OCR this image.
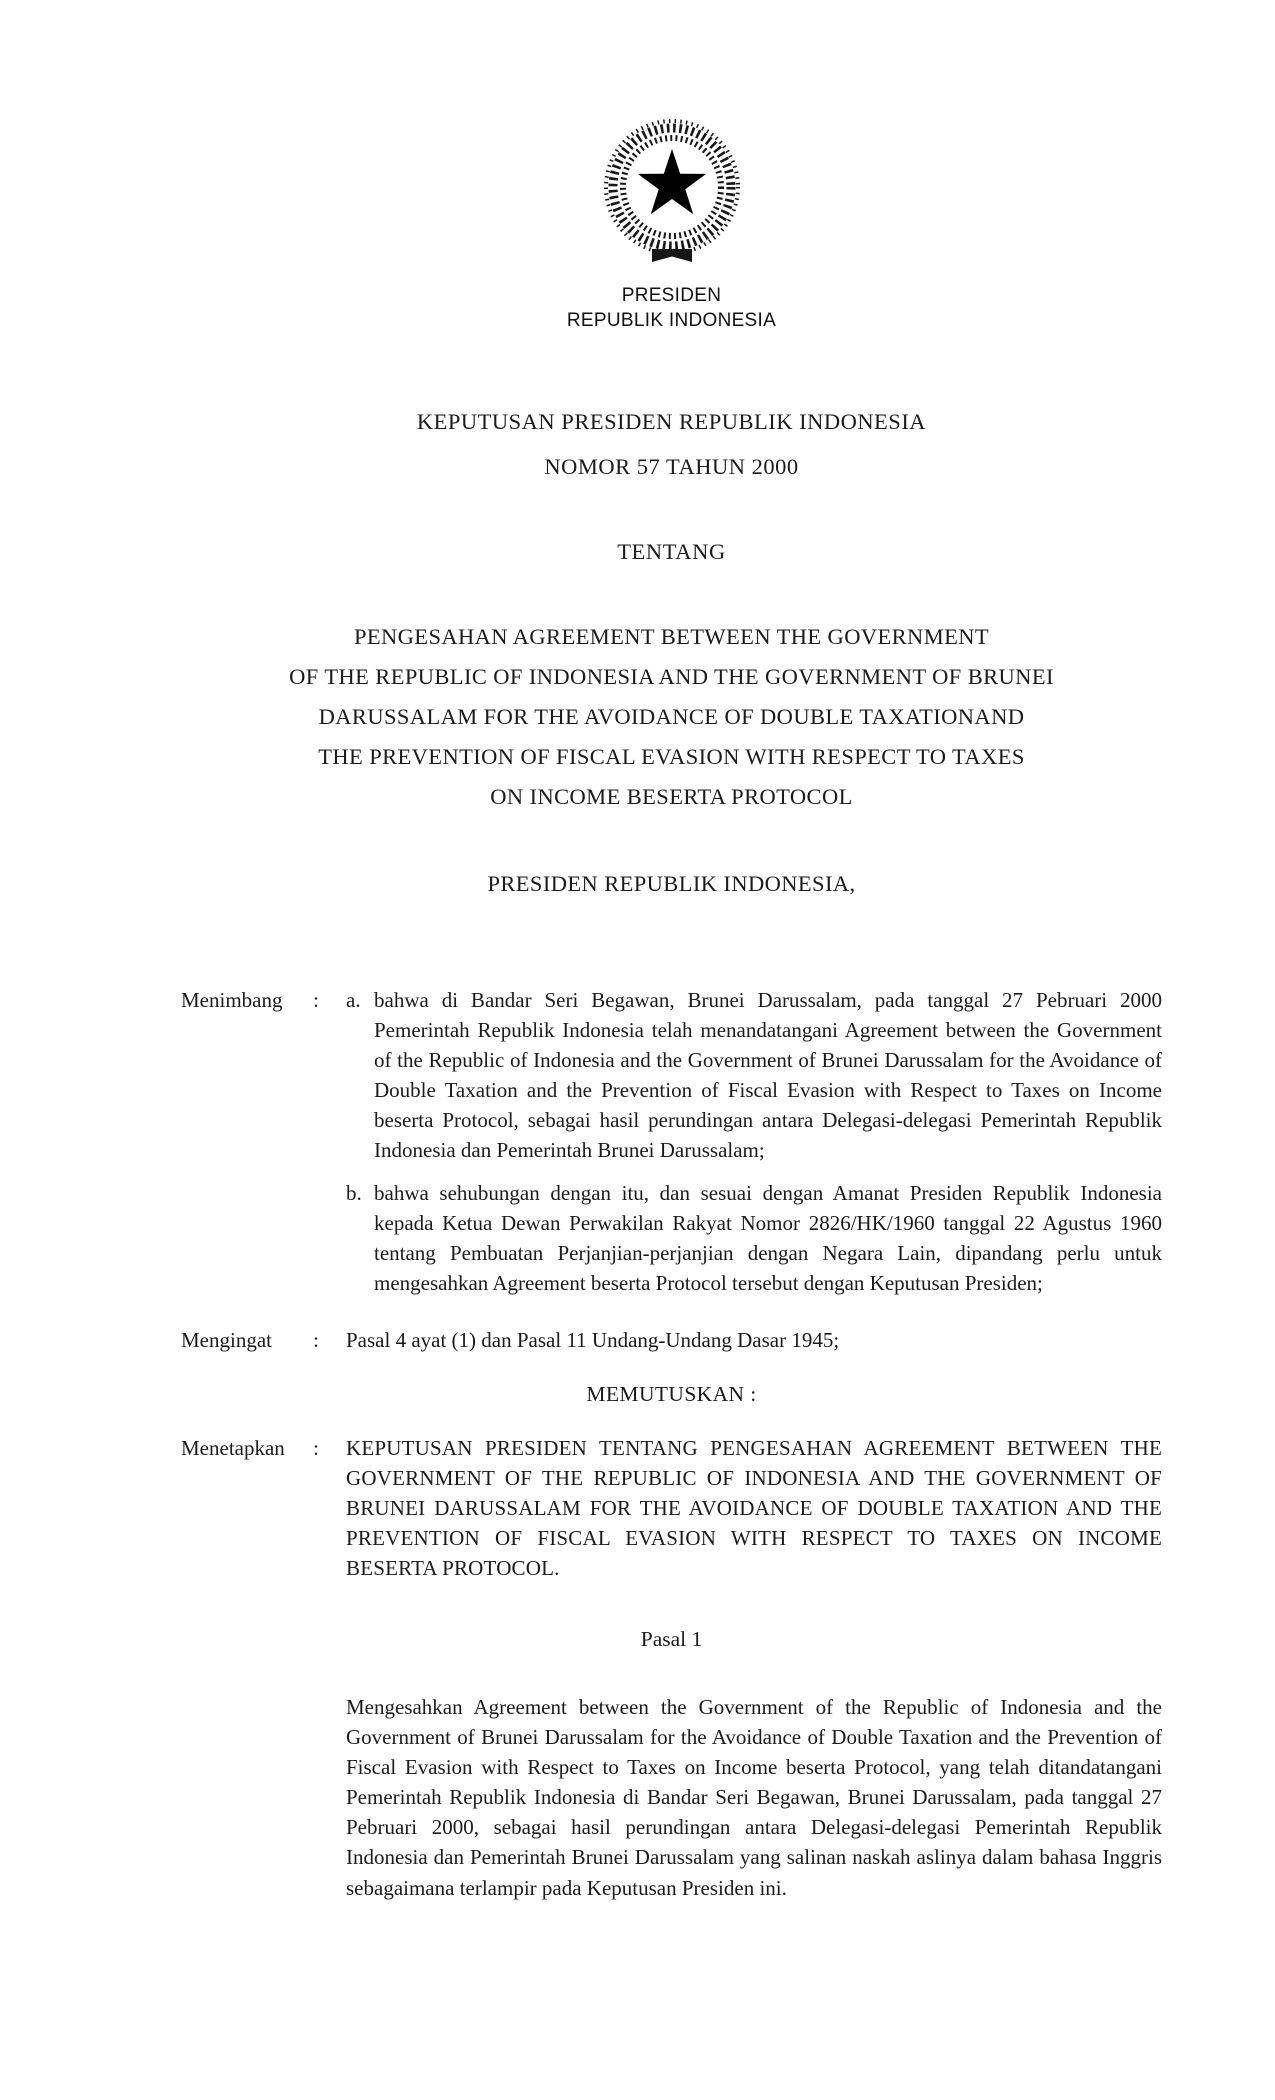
PRESIDEN
REPUBLIK INDONESIA
KEPUTUSAN PRESIDEN REPUBLIK INDONESIA
NOMOR 57 TAHUN 2000
TENTANG
PENGESAHAN AGREEMENT BETWEEN THE GOVERNMENT
OF THE REPUBLIC OF INDONESIA AND THE GOVERNMENT OF BRUNEI
DARUSSALAM FOR THE AVOIDANCE OF DOUBLE TAXATIONAND
THE PREVENTION OF FISCAL EVASION WITH RESPECT TO TAXES
ON INCOME BESERTA PROTOCOL
PRESIDEN REPUBLIK INDONESIA,
Menimbang : a. bahwa di Bandar Seri Begawan, Brunei Darussalam, pada tanggal 27 Pebruari 2000 Pemerintah Republik Indonesia telah menandatangani Agreement between the Government of the Republic of Indonesia and the Government of Brunei Darussalam for the Avoidance of Double Taxation and the Prevention of Fiscal Evasion with Respect to Taxes on Income beserta Protocol, sebagai hasil perundingan antara Delegasi-delegasi Pemerintah Republik Indonesia dan Pemerintah Brunei Darussalam;
b. bahwa sehubungan dengan itu, dan sesuai dengan Amanat Presiden Republik Indonesia kepada Ketua Dewan Perwakilan Rakyat Nomor 2826/HK/1960 tanggal 22 Agustus 1960 tentang Pembuatan Perjanjian-perjanjian dengan Negara Lain, dipandang perlu untuk mengesahkan Agreement beserta Protocol tersebut dengan Keputusan Presiden;
Mengingat : Pasal 4 ayat (1) dan Pasal 11 Undang-Undang Dasar 1945;
MEMUTUSKAN :
Menetapkan : KEPUTUSAN PRESIDEN TENTANG PENGESAHAN AGREEMENT BETWEEN THE GOVERNMENT OF THE REPUBLIC OF INDONESIA AND THE GOVERNMENT OF BRUNEI DARUSSALAM FOR THE AVOIDANCE OF DOUBLE TAXATION AND THE PREVENTION OF FISCAL EVASION WITH RESPECT TO TAXES ON INCOME BESERTA PROTOCOL.
Pasal 1
Mengesahkan Agreement between the Government of the Republic of Indonesia and the Government of Brunei Darussalam for the Avoidance of Double Taxation and the Prevention of Fiscal Evasion with Respect to Taxes on Income beserta Protocol, yang telah ditandatangani Pemerintah Republik Indonesia di Bandar Seri Begawan, Brunei Darussalam, pada tanggal 27 Pebruari 2000, sebagai hasil perundingan antara Delegasi-delegasi Pemerintah Republik Indonesia dan Pemerintah Brunei Darussalam yang salinan naskah aslinya dalam bahasa Inggris sebagaimana terlampir pada Keputusan Presiden ini.
